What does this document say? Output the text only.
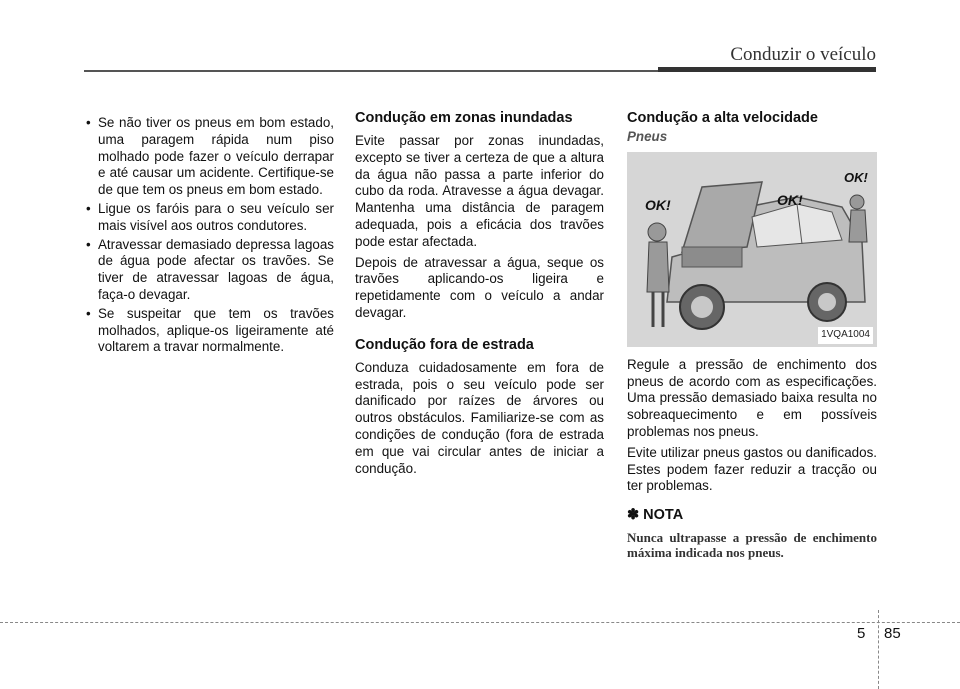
Conduzir o veículo
• Se não tiver os pneus em bom estado, uma paragem rápida num piso molhado pode fazer o veículo derrapar e até causar um acidente. Certifique-se de que tem os pneus em bom estado.
• Ligue os faróis para o seu veículo ser mais visível aos outros condutores.
• Atravessar demasiado depressa lagoas de água pode afectar os travões. Se tiver de atravessar lagoas de água, faça-o devagar.
• Se suspeitar que tem os travões molhados, aplique-os ligeiramente até voltarem a travar normalmente.
Condução em zonas inundadas

Evite passar por zonas inundadas, excepto se tiver a certeza de que a altura da água não passa a parte inferior do cubo da roda. Atravesse a água devagar. Mantenha uma distância de paragem adequada, pois a eficácia dos travões pode estar afectada.

Depois de atravessar a água, seque os travões aplicando-os ligeira e repetidamente com o veículo a andar devagar.

Condução fora de estrada

Conduza cuidadosamente em fora de estrada, pois o seu veículo pode ser danificado por raízes de árvores ou outros obstáculos. Familiarize-se com as condições de condução (fora de estrada em que vai circular antes de iniciar a condução.

Condução a alta velocidade
Pneus
OK!	OK!
OK!
1VQA1004

Regule a pressão de enchimento dos pneus de acordo com as especificações. Uma pressão demasiado baixa resulta no sobreaquecimento e em possíveis problemas nos pneus.

Evite utilizar pneus gastos ou danificados. Estes podem fazer reduzir a tracção ou ter problemas.

✽ NOTA

Nunca ultrapasse a pressão de enchimento máxima indicada nos pneus.

5 85
